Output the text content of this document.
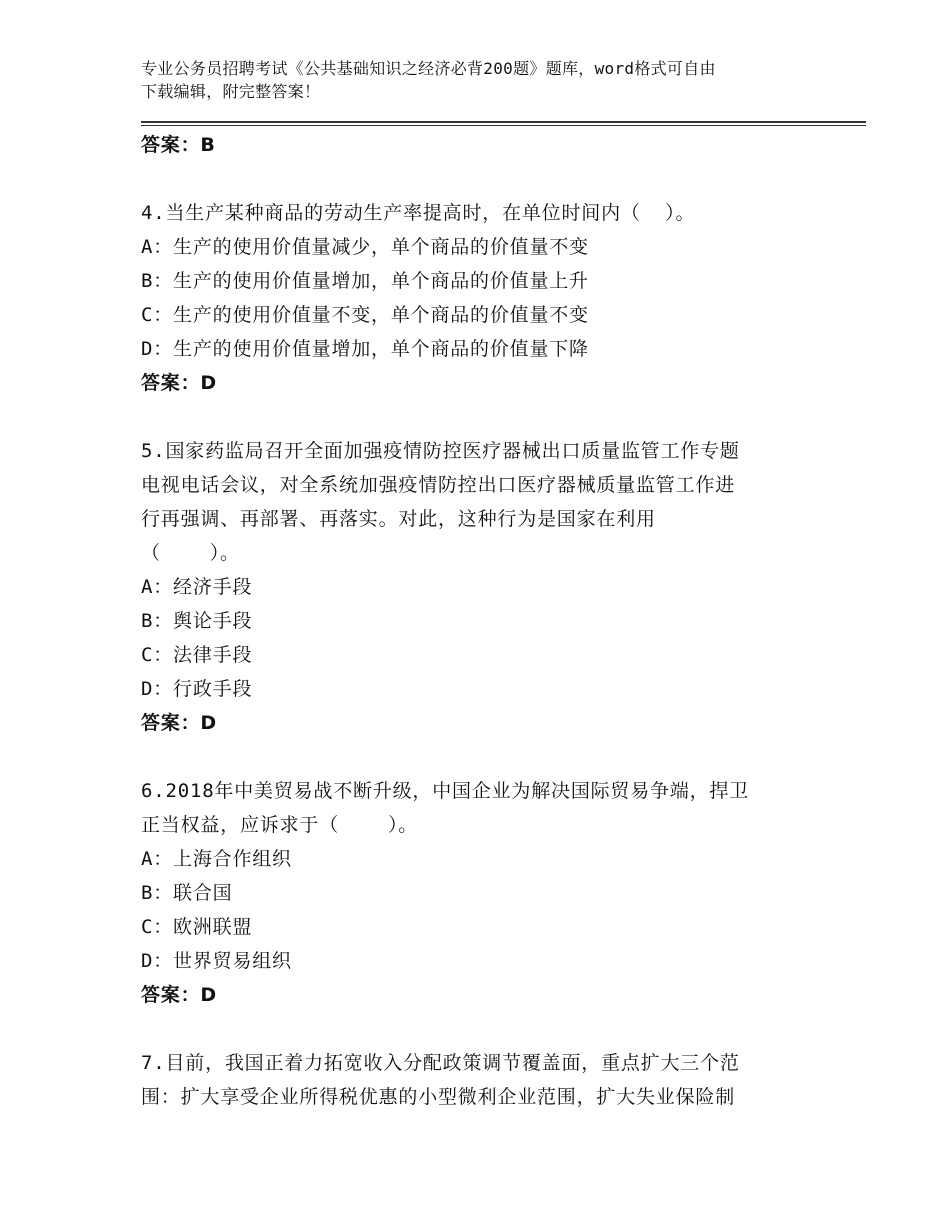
专业公务员招聘考试《公共基础知识之经济必背200题》题库，word格式可自由
下载编辑，附完整答案！
答案：B
4.当生产某种商品的劳动生产率提高时，在单位时间内（  ）。
A：生产的使用价值量减少，单个商品的价值量不变
B：生产的使用价值量增加，单个商品的价值量上升
C：生产的使用价值量不变，单个商品的价值量不变
D：生产的使用价值量增加，单个商品的价值量下降
答案：D
5.国家药监局召开全面加强疫情防控医疗器械出口质量监管工作专题
电视电话会议，对全系统加强疫情防控出口医疗器械质量监管工作进
行再强调、再部署、再落实。对此，这种行为是国家在利用
（    ）。
A：经济手段
B：舆论手段
C：法律手段
D：行政手段
答案：D
6.2018年中美贸易战不断升级，中国企业为解决国际贸易争端，捍卫
正当权益，应诉求于（    ）。
A：上海合作组织
B：联合国
C：欧洲联盟
D：世界贸易组织
答案：D
7.目前，我国正着力拓宽收入分配政策调节覆盖面，重点扩大三个范
围：扩大享受企业所得税优惠的小型微利企业范围，扩大失业保险制
